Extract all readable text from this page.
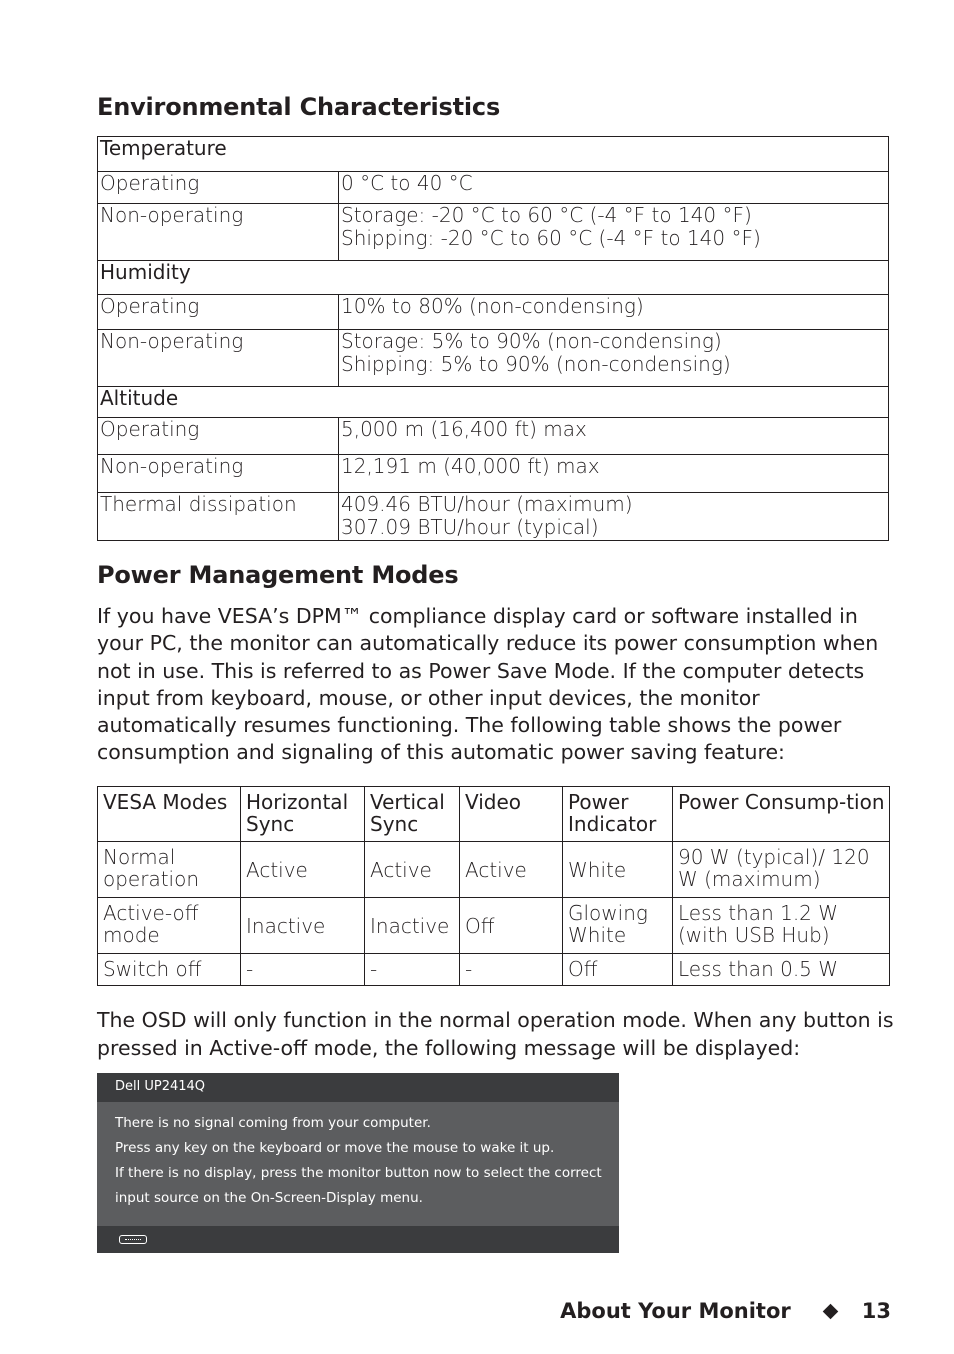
Environmental Characteristics
Temperature	
Operating	0 °C to 40 °C
Non-operating	Storage: -20 °C to 60 °C (-4 °F to 140 °F)
Shipping: -20 °C to 60 °C (-4 °F to 140 °F)

Humidity	
Operating	10% to 80% (non-condensing)
Non-operating	Storage: 5% to 90% (non-condensing)
Shipping: 5% to 90% (non-condensing)

Altitude	
Operating	5,000 m (16,400 ft) max
Non-operating	12,191 m (40,000 ft) max
Thermal dissipation	409.46 BTU/hour (maximum)
307.09 BTU/hour (typical)
Power Management Modes

If you have VESA’s DPM™ compliance display card or software installed in your PC, the monitor can automatically reduce its power consumption when not in use. This is referred to as Power Save Mode. If the computer detects input from keyboard, mouse, or other input devices, the monitor automatically resumes functioning. The following table shows the power consumption and signaling of this automatic power saving feature:

VESA Modes	Horizontal Sync	Vertical Sync	Video	Power Indicator	Power Consump-tion
Normal operation	Active	Active	Active	White	90 W (typical)/ 120 W (maximum)
Active-off mode	Inactive	Inactive	Off	Glowing White	Less than 1.2 W (with USB Hub)
Switch off	-	-	-	Off	Less than 0.5 W

The OSD will only function in the normal operation mode. When any button is pressed in Active-off mode, the following message will be displayed:

Dell UP2414Q
There is no signal coming from your computer.
Press any key on the keyboard or move the mouse to wake it up.
If there is no display, press the monitor button now to select the correct
input source on the On-Screen-Display menu.
About Your Monitor	13
